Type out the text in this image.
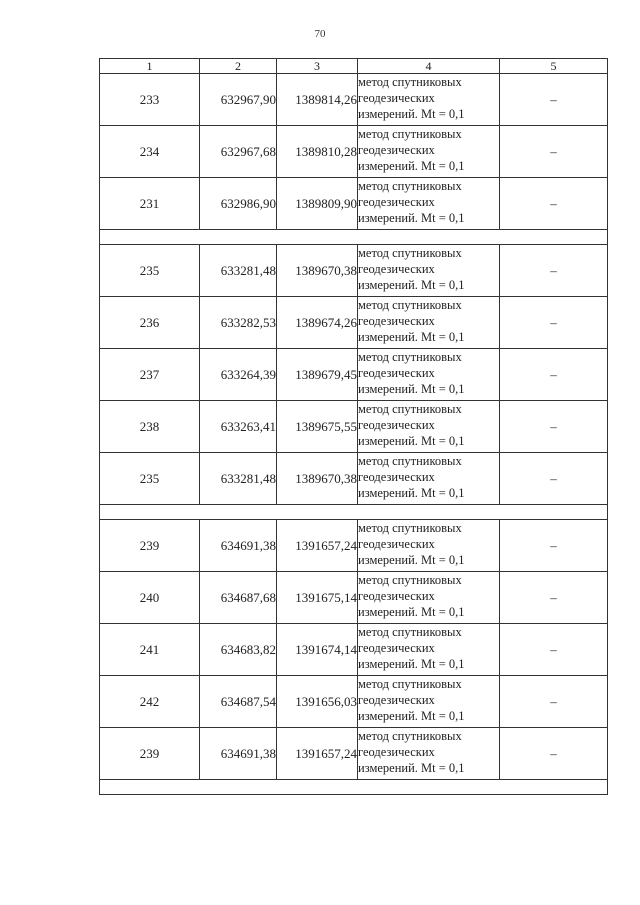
70
1	2	3	4	5
233	632967,90	1389814,26	метод спутниковых
геодезических
измерений. Mt = 0,1	–
234	632967,68	1389810,28	метод спутниковых
геодезических
измерений. Mt = 0,1	–
231	632986,90	1389809,90	метод спутниковых
геодезических
измерений. Mt = 0,1	–

235	633281,48	1389670,38	метод спутниковых
геодезических
измерений. Mt = 0,1	–
236	633282,53	1389674,26	метод спутниковых
геодезических
измерений. Mt = 0,1	–
237	633264,39	1389679,45	метод спутниковых
геодезических
измерений. Mt = 0,1	–
238	633263,41	1389675,55	метод спутниковых
геодезических
измерений. Mt = 0,1	–
235	633281,48	1389670,38	метод спутниковых
геодезических
измерений. Mt = 0,1	–

239	634691,38	1391657,24	метод спутниковых
геодезических
измерений. Mt = 0,1	–
240	634687,68	1391675,14	метод спутниковых
геодезических
измерений. Mt = 0,1	–
241	634683,82	1391674,14	метод спутниковых
геодезических
измерений. Mt = 0,1	–
242	634687,54	1391656,03	метод спутниковых
геодезических
измерений. Mt = 0,1	–
239	634691,38	1391657,24	метод спутниковых
геодезических
измерений. Mt = 0,1	–
